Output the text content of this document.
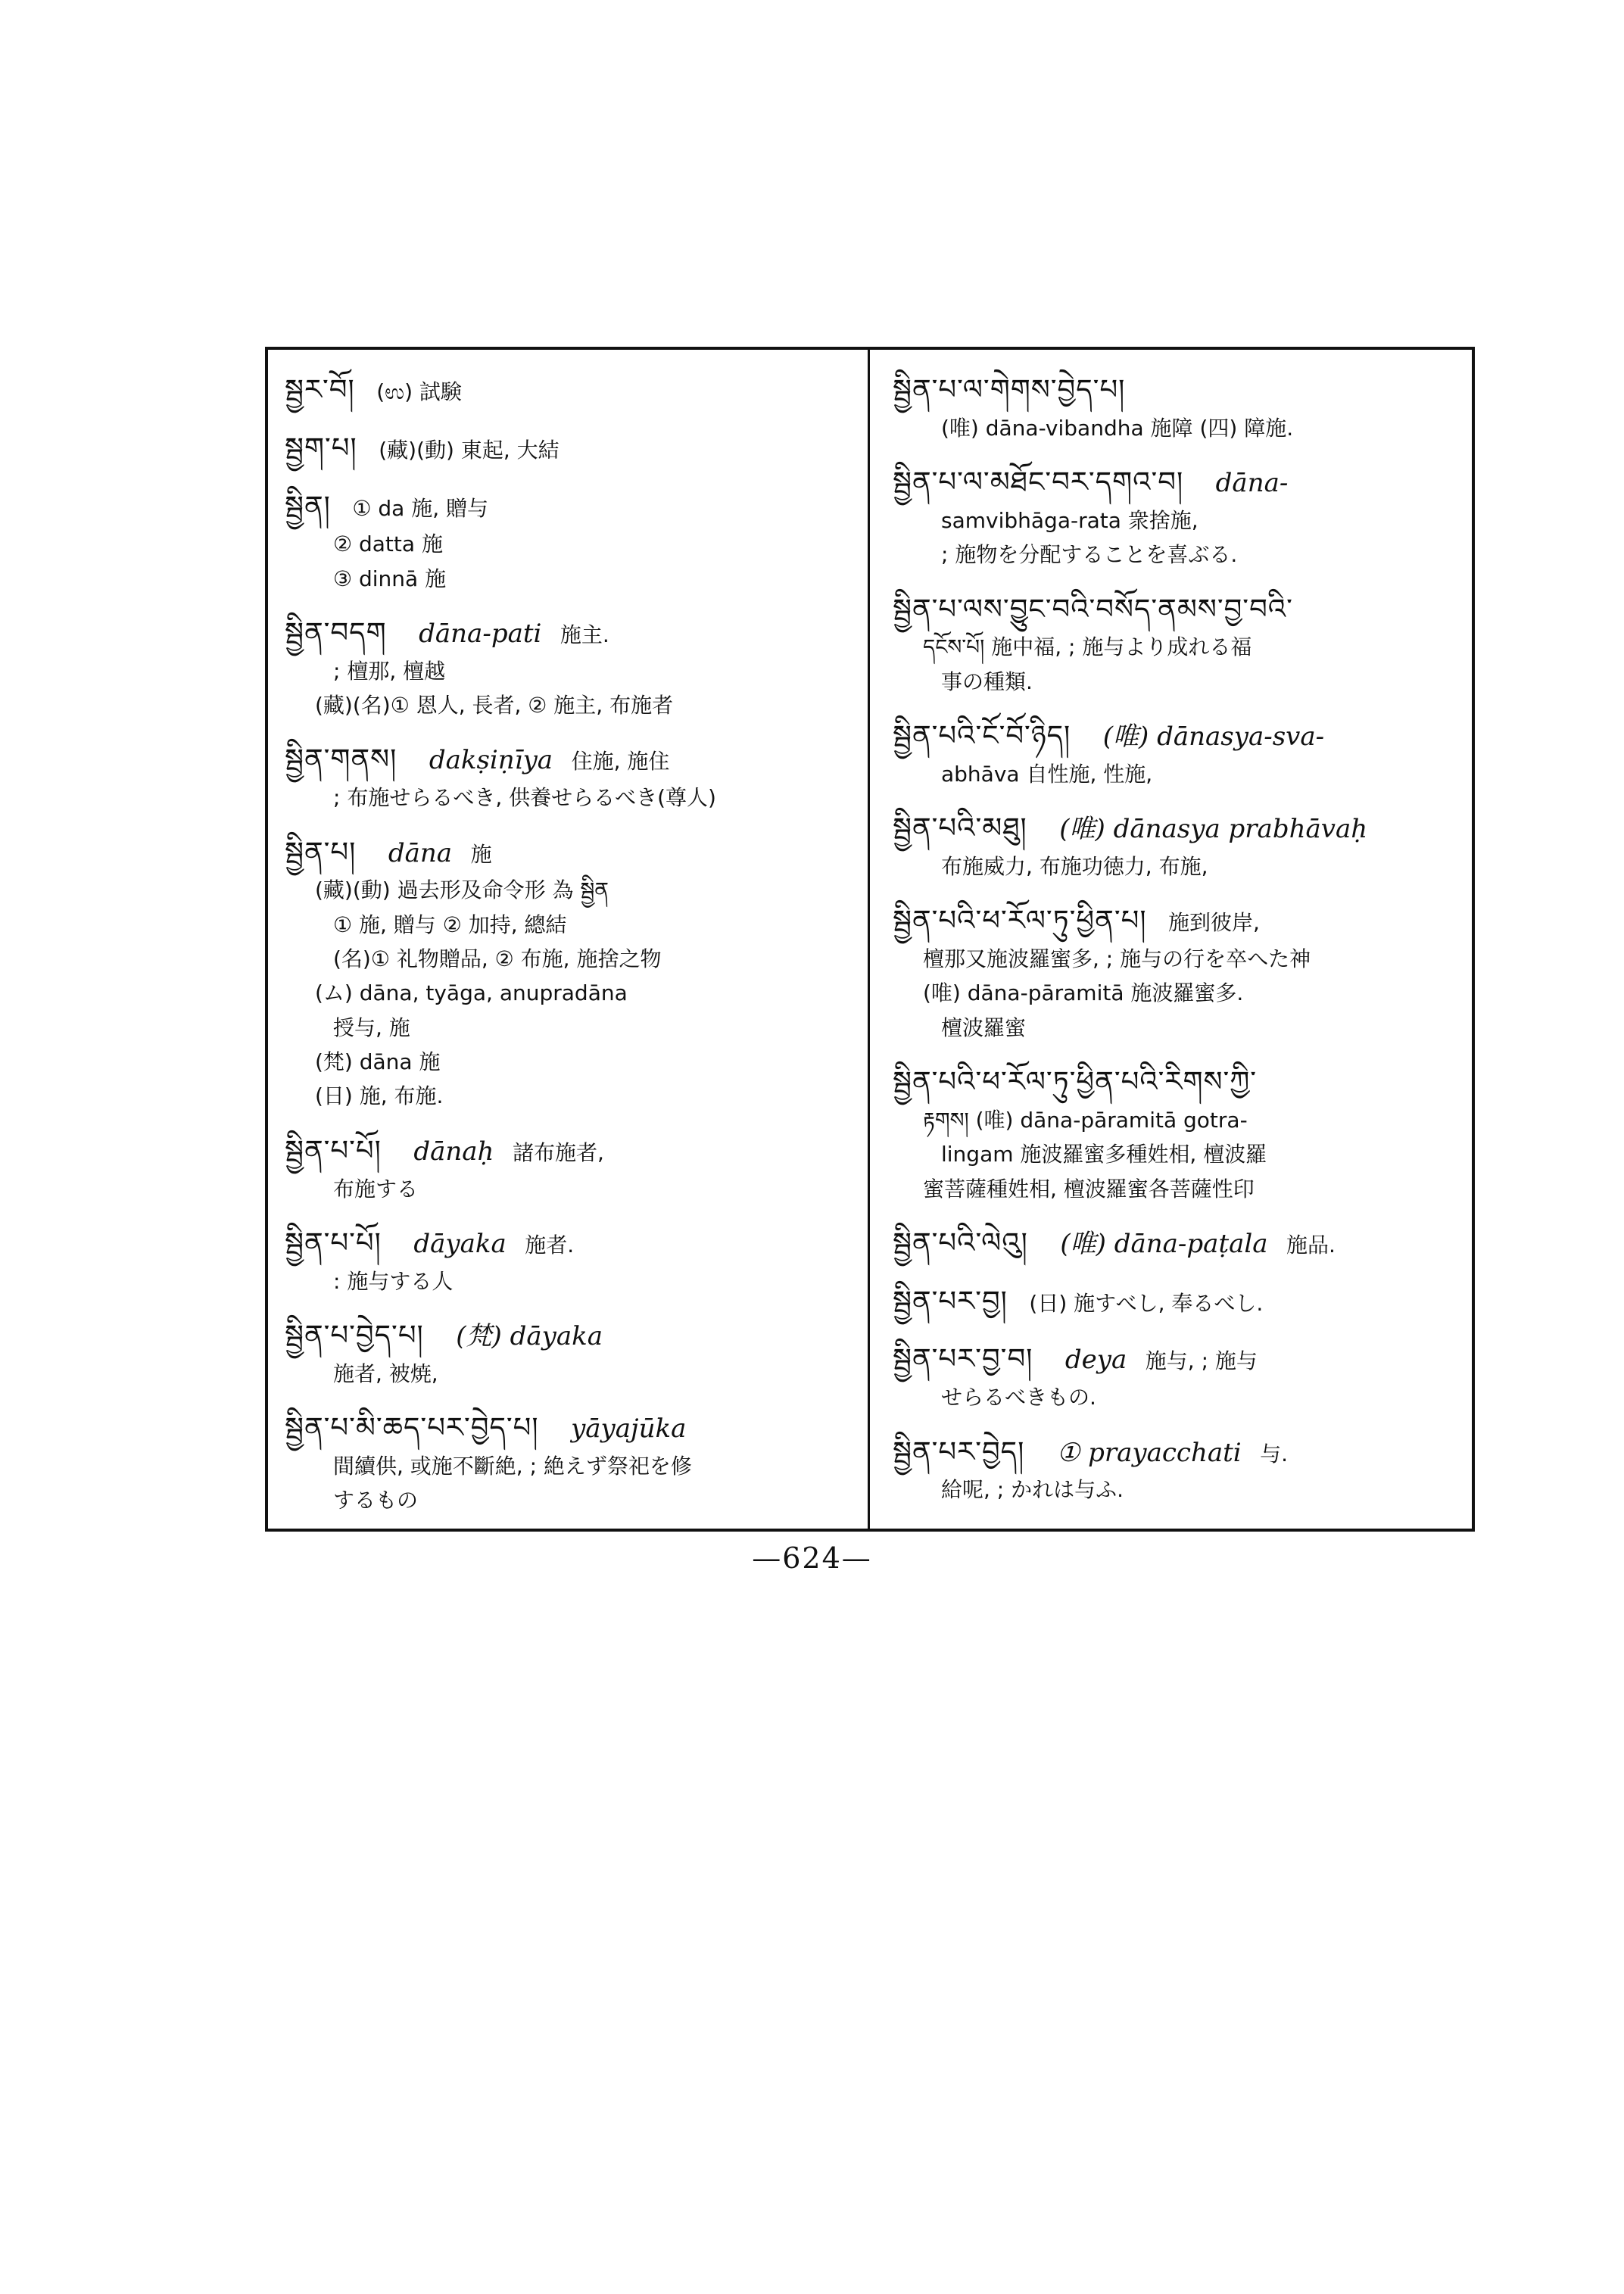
སྦྱར་བོ། (ಉ) 試験
སྦྱག་པ། (藏)(動) 東起, 大結
སྦྱིན། ① da 施, 贈与
② datta 施
③ dinnā 施
སྦྱིན་བདག dāna-pati 施主.
; 檀那, 檀越
(藏)(名)① 恩人, 長者, ② 施主, 布施者
སྦྱིན་གནས། dakṣiṇīya 住施, 施住
; 布施せらるべき, 供養せらるべき(尊人)
སྦྱིན་པ། dāna 施
(藏)(動) 過去形及命令形 為 སྦྱིན
① 施, 贈与 ② 加持, 總結
(名)① 礼物贈品, ② 布施, 施捨之物
(ム) dāna, tyāga, anupradāna
授与, 施
(梵) dāna 施
(日) 施, 布施.
སྦྱིན་པ་པོ། dānaḥ 諸布施者,
布施する
སྦྱིན་པ་པོ། dāyaka 施者.
: 施与する人
སྦྱིན་པ་བྱེད་པ། (梵) dāyaka
施者, 被焼,
སྦྱིན་པ་མི་ཆད་པར་བྱེད་པ། yāyajūka
間續供, 或施不斷絶, ; 絶えず祭祀を修
するもの
སྦྱིན་པ་ལ་གེགས་བྱེད་པ།
(唯) dāna-vibandha 施障 (四) 障施.
སྦྱིན་པ་ལ་མཐོང་བར་དགའ་བ། dāna-
samvibhāga-rata 衆捨施,
; 施物を分配することを喜ぶる.
སྦྱིན་པ་ལས་བྱུང་བའི་བསོད་ནམས་བྱ་བའི་
དངོས་པོ། 施中福, ; 施与より成れる福
事の種類.
སྦྱིན་པའི་ངོ་བོ་ཉིད། (唯) dānasya-sva-
abhāva 自性施, 性施,
སྦྱིན་པའི་མཐུ། (唯) dānasya prabhāvaḥ
布施威力, 布施功徳力, 布施,
སྦྱིན་པའི་ཕ་རོལ་ཏུ་ཕྱིན་པ། 施到彼岸,
檀那又施波羅蜜多, ; 施与の行を卒へた神
(唯) dāna-pāramitā 施波羅蜜多.
檀波羅蜜
སྦྱིན་པའི་ཕ་རོལ་ཏུ་ཕྱིན་པའི་རིགས་ཀྱི་
རྟགས། (唯) dāna-pāramitā gotra-
lingam 施波羅蜜多種姓相, 檀波羅
蜜菩薩種姓相, 檀波羅蜜各菩薩性印
སྦྱིན་པའི་ལེའུ། (唯) dāna-paṭala 施品.
སྦྱིན་པར་བྱ། (日) 施すべし, 奉るべし.
སྦྱིན་པར་བྱ་བ། deya 施与, ; 施与
せらるべきもの.
སྦྱིན་པར་བྱེད། ① prayacchati 与.
給呢, ; かれは与ふ.
—624—
